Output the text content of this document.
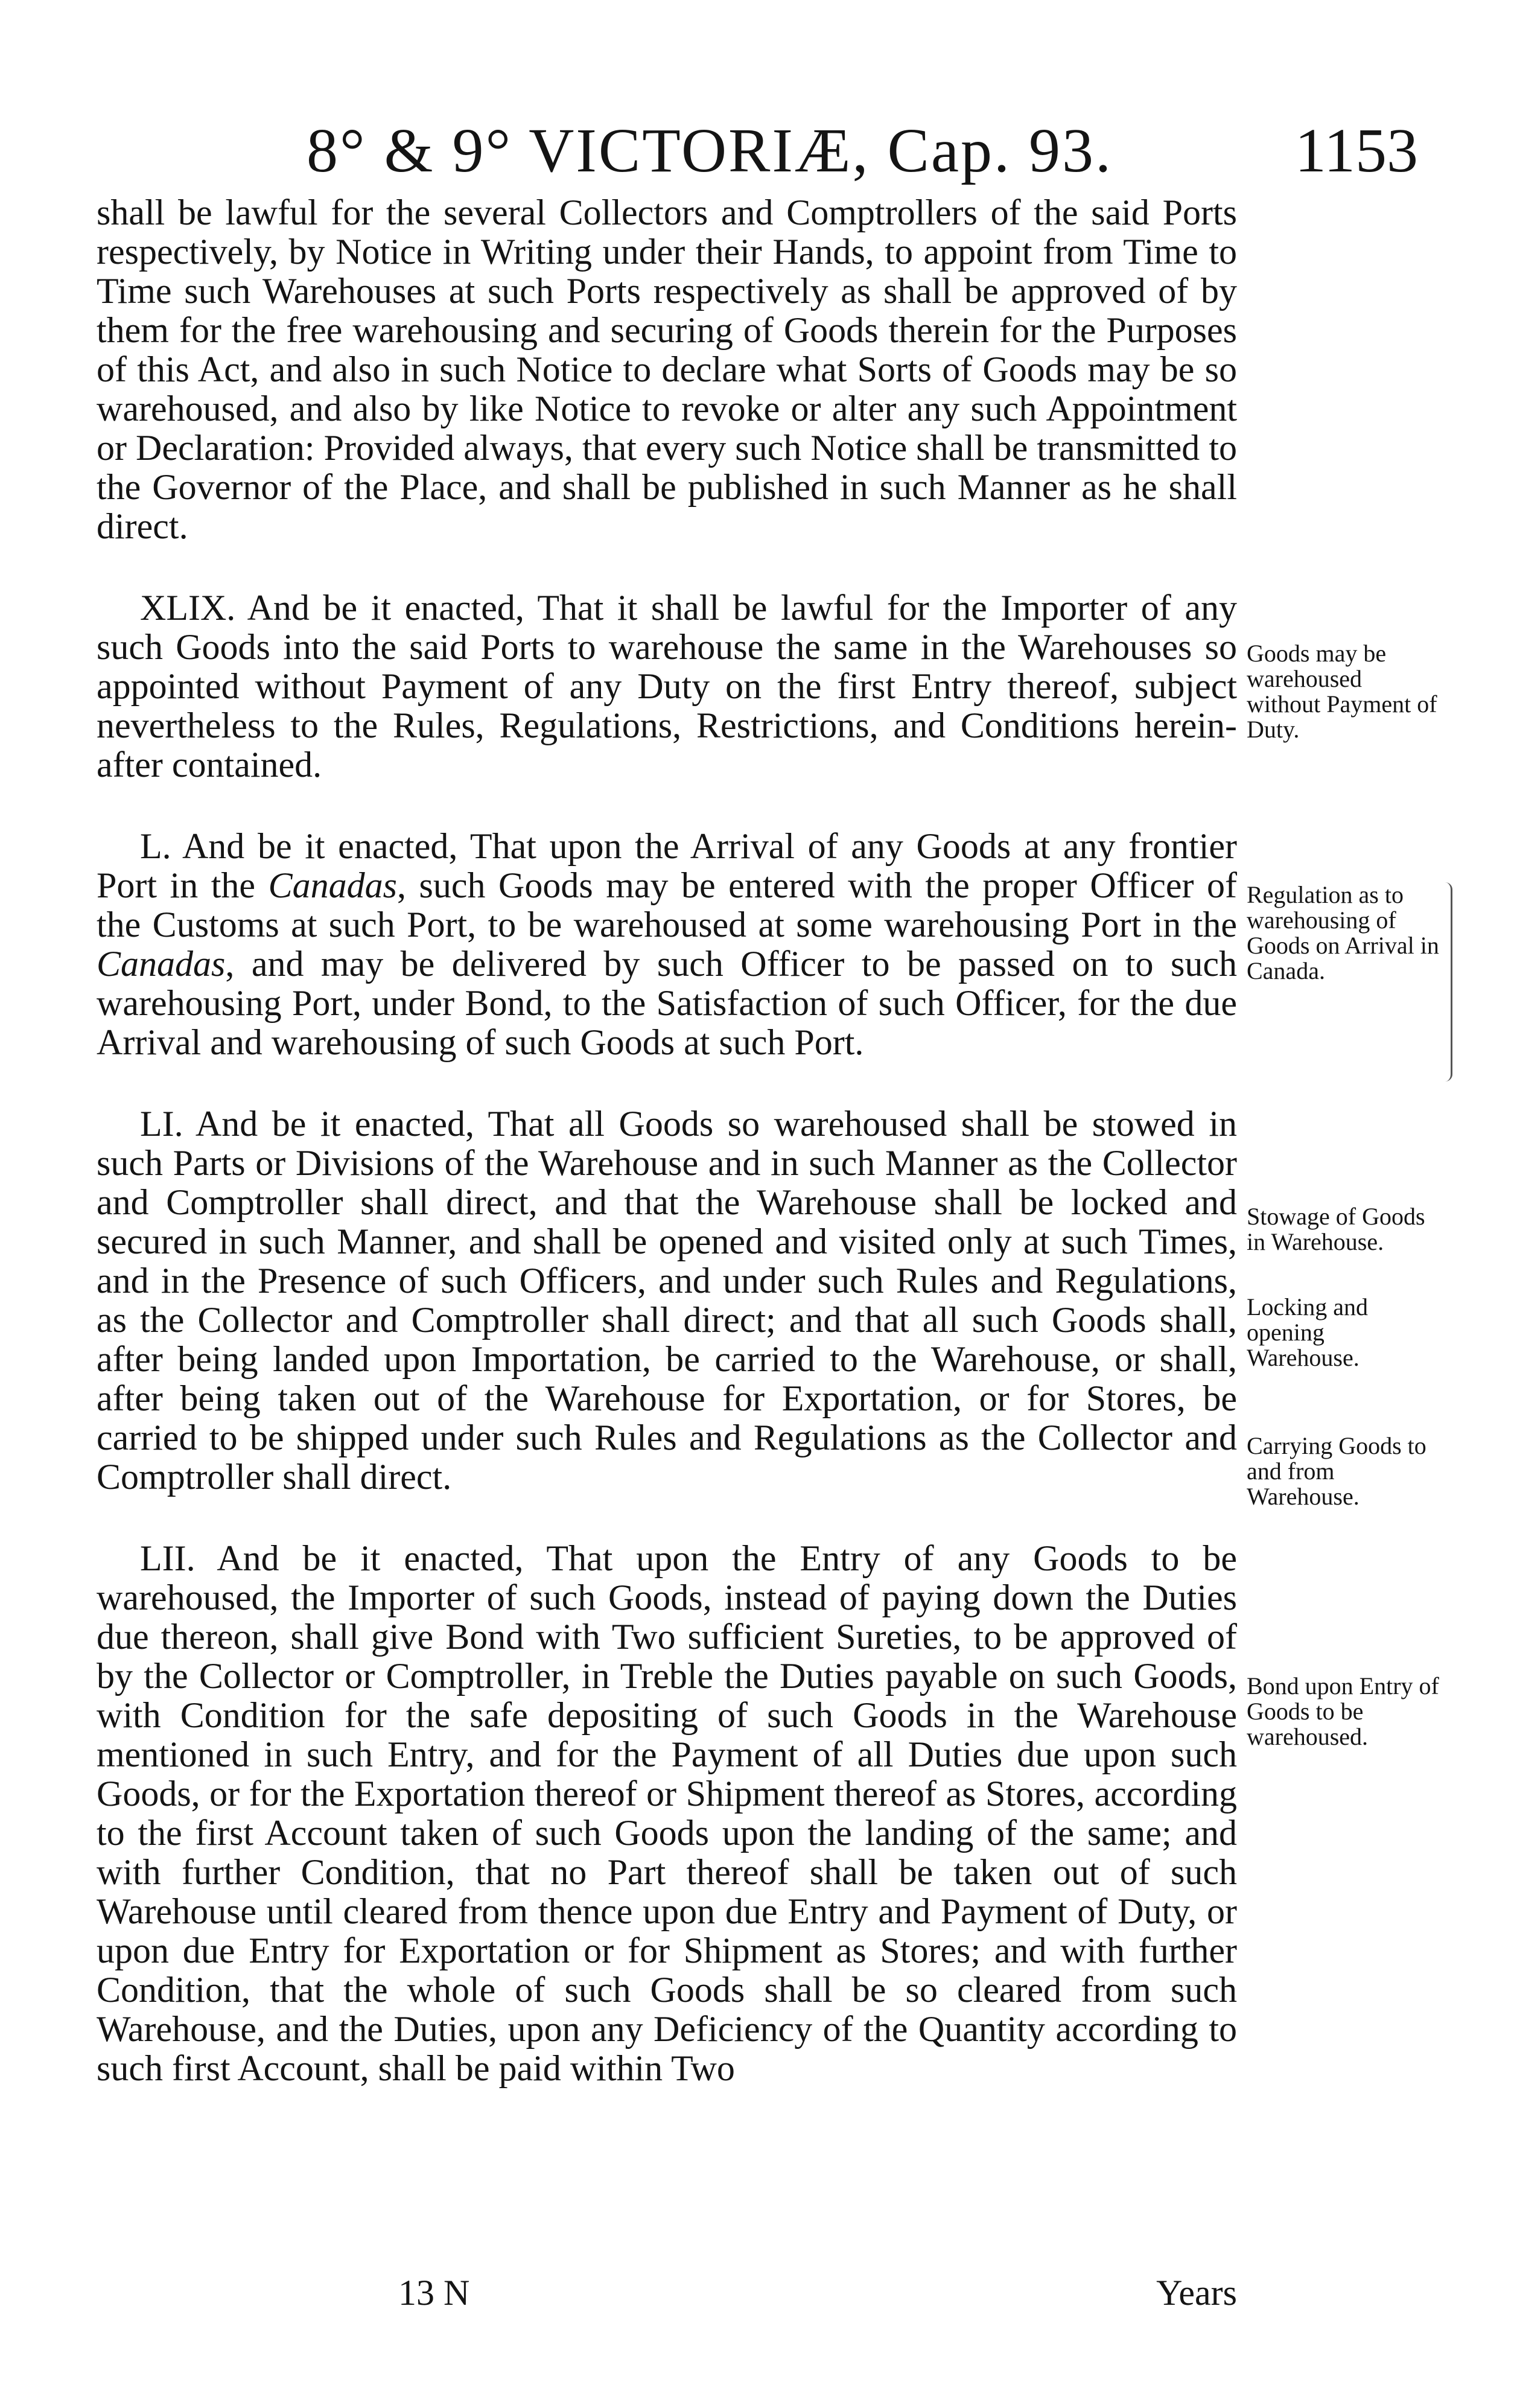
8° & 9° VICTORIÆ, Cap. 93.	1153

shall be lawful for the several Collectors and Comptrollers of the said Ports respectively, by Notice in Writing under their Hands, to appoint from Time to Time such Warehouses at such Ports respectively as shall be approved of by them for the free warehousing and securing of Goods therein for the Purposes of this Act, and also in such Notice to declare what Sorts of Goods may be so warehoused, and also by like Notice to revoke or alter any such Appointment or Declaration: Provided always, that every such Notice shall be transmitted to the Governor of the Place, and shall be published in such Manner as he shall direct.

XLIX. And be it enacted, That it shall be lawful for the Importer of any such Goods into the said Ports to warehouse the same in the Warehouses so appointed without Payment of any Duty on the first Entry thereof, subject nevertheless to the Rules, Regulations, Restrictions, and Conditions herein-after contained.

L. And be it enacted, That upon the Arrival of any Goods at any frontier Port in the Canadas, such Goods may be entered with the proper Officer of the Customs at such Port, to be warehoused at some warehousing Port in the Canadas, and may be delivered by such Officer to be passed on to such warehousing Port, under Bond, to the Satisfaction of such Officer, for the due Arrival and warehousing of such Goods at such Port.

LI. And be it enacted, That all Goods so warehoused shall be stowed in such Parts or Divisions of the Warehouse and in such Manner as the Collector and Comptroller shall direct, and that the Warehouse shall be locked and secured in such Manner, and shall be opened and visited only at such Times, and in the Presence of such Officers, and under such Rules and Regulations, as the Collector and Comptroller shall direct; and that all such Goods shall, after being landed upon Importation, be carried to the Warehouse, or shall, after being taken out of the Warehouse for Exportation, or for Stores, be carried to be shipped under such Rules and Regulations as the Collector and Comptroller shall direct.

LII. And be it enacted, That upon the Entry of any Goods to be warehoused, the Importer of such Goods, instead of paying down the Duties due thereon, shall give Bond with Two sufficient Sureties, to be approved of by the Collector or Comptroller, in Treble the Duties payable on such Goods, with Condition for the safe depositing of such Goods in the Warehouse mentioned in such Entry, and for the Payment of all Duties due upon such Goods, or for the Exportation thereof or Shipment thereof as Stores, according to the first Account taken of such Goods upon the landing of the same; and with further Condition, that no Part thereof shall be taken out of such Warehouse until cleared from thence upon due Entry and Payment of Duty, or upon due Entry for Exportation or for Shipment as Stores; and with further Condition, that the whole of such Goods shall be so cleared from such Warehouse, and the Duties, upon any Deficiency of the Quantity according to such first Account, shall be paid within Two

Goods may be warehoused without Payment of Duty.
Regulation as to warehousing of Goods on Arrival in Canada.
Stowage of Goods in Warehouse.
Locking and opening Warehouse.
Carrying Goods to and from Warehouse.
Bond upon Entry of Goods to be warehoused.
13 N	Years
